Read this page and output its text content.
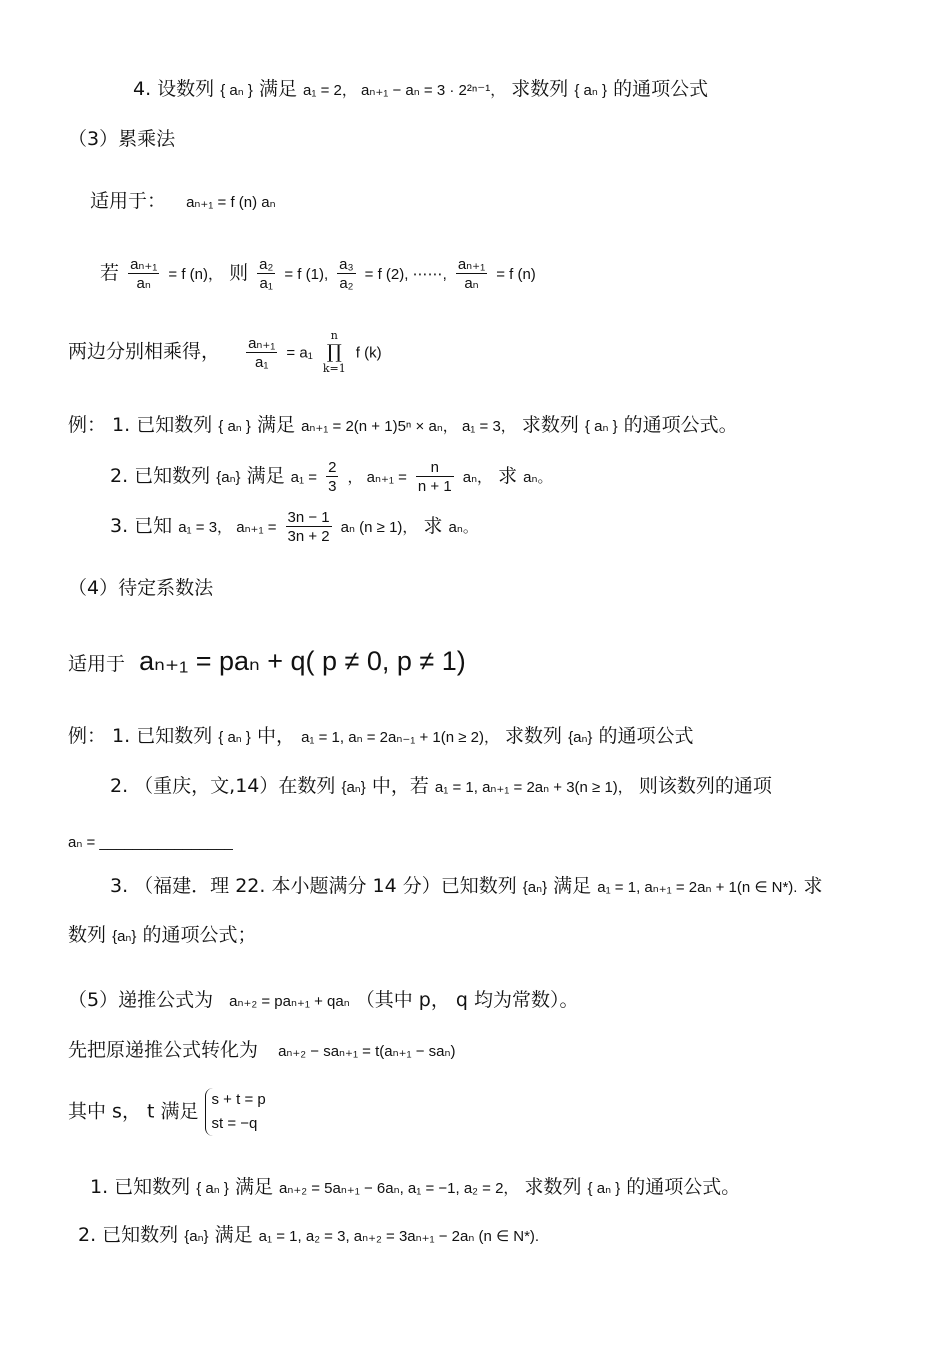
4. 设数列 { aₙ } 满足 a₁ = 2， aₙ₊₁ − aₙ = 3 · 2²ⁿ⁻¹， 求数列 { aₙ } 的通项公式
（3）累乘法
适用于： aₙ₊₁ = f (n) aₙ
若 $\frac{\text{aₙ₊₁}}{\text{aₙ}} = f$ (n)， 则 $\frac{\text{a₂}}{\text{a₁}} = f$ (1), $\frac{\text{a₃}}{\text{a₂}} = f$ (2), ⋯⋯, $\frac{\text{aₙ₊₁}}{\text{aₙ}} = f$ (n)
两边分别相乘得， $\frac{\text{aₙ₊₁}}{\text{a₁}} = a_1$
n
∏
k=1
f (k)
例： 1. 已知数列 { aₙ } 满足 aₙ₊₁ = 2(n + 1)5ⁿ × aₙ， a₁ = 3， 求数列 { aₙ } 的通项公式。
2. 已知数列 {aₙ} 满足 $a_1 = \frac{2}{3}$ ， $a_{n+1} = \frac{n}{n + 1}$ aₙ， 求 aₙ。
3. 已知 a₁ = 3， $a_{n+1} = \frac{3n - 1}{3n + 2}$ aₙ (n ≥ 1)， 求 aₙ。
（4）待定系数法
适用于 aₙ₊₁ = paₙ + q( p ≠ 0, p ≠ 1)
例： 1. 已知数列 { aₙ } 中， a₁ = 1, aₙ = 2aₙ₋₁ + 1(n ≥ 2)， 求数列 {aₙ} 的通项公式
2. （重庆，文,14）在数列 {aₙ} 中，若 a₁ = 1, aₙ₊₁ = 2aₙ + 3(n ≥ 1)， 则该数列的通项
aₙ = ________________
3. （福建．理 22. 本小题满分 14 分）已知数列 {aₙ} 满足 a₁ = 1, aₙ₊₁ = 2aₙ + 1(n ∈ N*). 求
数列 {aₙ} 的通项公式；
（5）递推公式为 aₙ₊₂ = paₙ₊₁ + qaₙ （其中 p， q 均为常数）。
先把原递推公式转化为 aₙ₊₂ − saₙ₊₁ = t(aₙ₊₁ − saₙ)
其中 s， t 满足
s + t = p
st = −q
1. 已知数列 { aₙ } 满足 aₙ₊₂ = 5aₙ₊₁ − 6aₙ, a₁ = −1, a₂ = 2， 求数列 { aₙ } 的通项公式。
2. 已知数列 {aₙ} 满足 a₁ = 1, a₂ = 3, aₙ₊₂ = 3aₙ₊₁ − 2aₙ (n ∈ N*).
